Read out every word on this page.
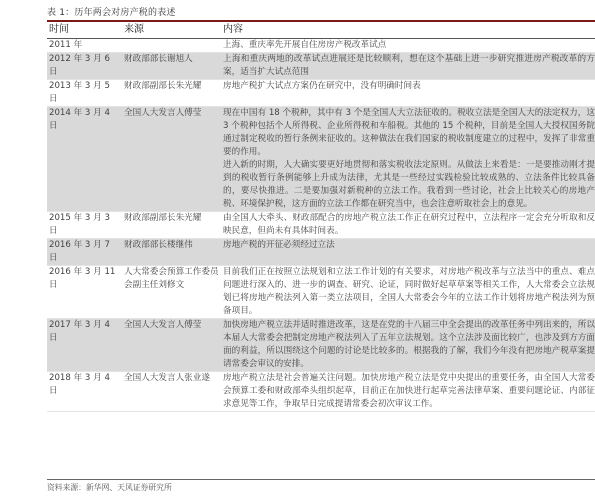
表 1：历年两会对房产税的表述
时间	来源	内容
2011 年		上海、重庆率先开展自住房房产税改革试点

2012 年 3 月 6 日	财政部部长谢旭人	上海和重庆两地的改革试点进展还是比较顺利，想在这个基础上进一步研究推进房产税改革的方案，适当扩大试点范围

2013 年 3 月 5 日	财政部副部长朱光耀	房地产税扩大试点方案仍在研究中，没有明确时间表

2014 年 3 月 4 日	全国人大发言人傅莹	现在中国有 18 个税种，其中有 3 个是全国人大立法征收的。税收立法是全国人大的法定权力，这 3 个税种包括个人所得税、企业所得税和车船税。其他的 15 个税种，目前是全国人大授权国务院通过制定税收的暂行条例来征收的。这种做法在我们国家的税收制度建立的过程中，发挥了非常重要的作用。

进入新的时期，人大确实要更好地贯彻和落实税收法定原则。从做法上来看是：一是要推动刚才提到的税收暂行条例能够上升成为法律，尤其是一些经过实践检验比较成熟的、立法条件比较具备的，要尽快推进。二是要加强对新税种的立法工作。我看到一些讨论，社会上比较关心的房地产税、环境保护税，这方面的立法工作都在研究当中，也会注意听取社会上的意见。

2015 年 3 月 3 日	财政部副部长朱光耀	由全国人大牵头、财政部配合的房地产税立法工作正在研究过程中，立法程序一定会充分听取和反映民意，但尚未有具体时间表。

2016 年 3 月 7 日	财政部部长楼继伟	房地产税的开征必须经过立法

2016 年 3 月 11 日	人大常委会预算工作委员会副主任刘修文	目前我们正在按照立法规划和立法工作计划的有关要求，对房地产税改革与立法当中的重点、难点问题进行深入的、进一步的调查、研究、论证，同时做好起草草案等相关工作，人大常委会立法规划已将房地产税法列入第一类立法项目，全国人大常委会今年的立法工作计划将房地产税法列为预备项目。

2017 年 3 月 4 日	全国人大发言人傅莹	加快房地产税立法并适时推进改革，这是在党的十八届三中全会提出的改革任务中列出来的，所以本届人大常委会把制定房地产税法列入了五年立法规划。这个立法涉及面比较广，也涉及到方方面面的利益，所以围绕这个问题的讨论是比较多的。根据我的了解，我们今年没有把房地产税草案提请常委会审议的安排。

2018 年 3 月 4 日	全国人大发言人张业遂	房地产税立法是社会普遍关注问题。加快房地产税立法是党中央提出的重要任务，由全国人大常委会预算工委和财政部牵头组织起草，目前正在加快进行起草完善法律草案、重要问题论证、内部征求意见等工作，争取早日完成提请常委会初次审议工作。

资料来源：新华网、天风证券研究所
